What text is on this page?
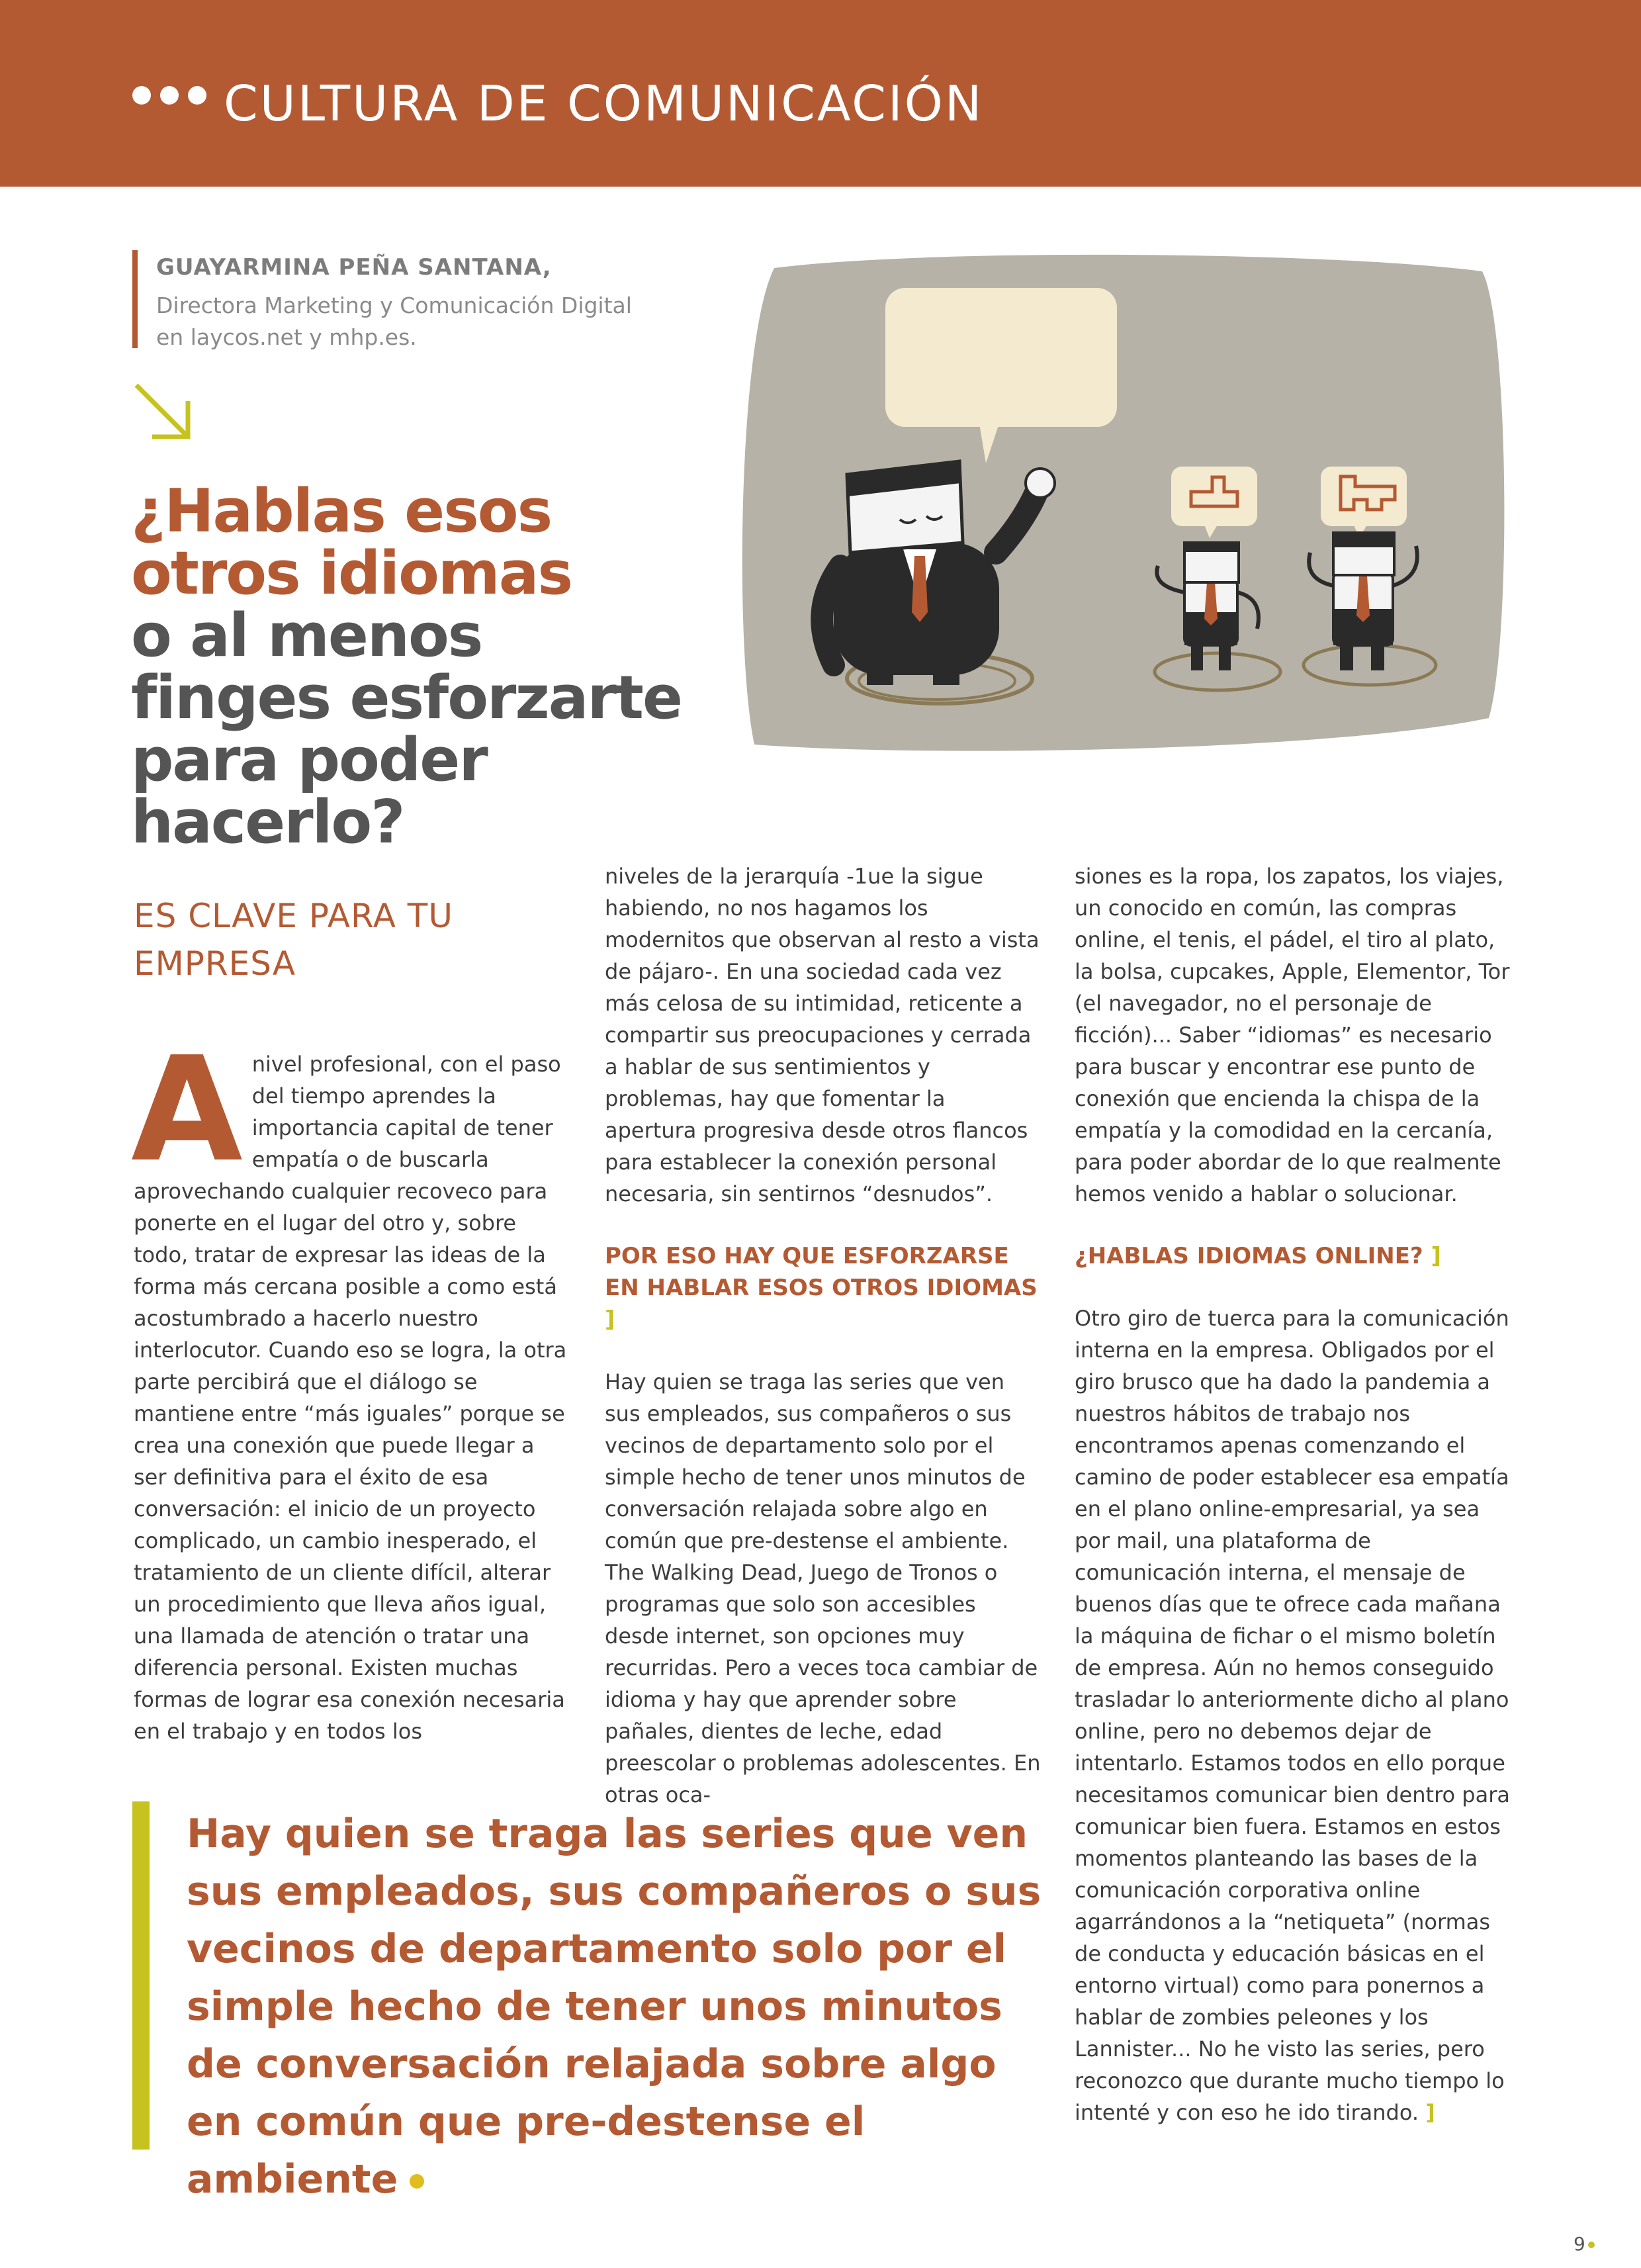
CULTURA DE COMUNICACIÓN
GUAYARMINA PEÑA SANTANA,
Directora Marketing y Comunicación Digital
en laycos.net y mhp.es.
¿Hablas esos
otros idiomas
o al menos
finges esforzarte
para poder
hacerlo?
ES CLAVE PARA TU EMPRESA

Anivel profesional, con el paso del tiempo aprendes la importancia capital de tener empatía o de buscarla aprovechando cualquier recoveco para ponerte en el lugar del otro y, sobre todo, tratar de expresar las ideas de la forma más cercana posible a como está acostumbrado a hacerlo nuestro interlocutor. Cuando eso se logra, la otra parte percibirá que el diálogo se mantiene entre “más iguales” porque se crea una conexión que puede llegar a ser definitiva para el éxito de esa conversación: el inicio de un proyecto complicado, un cambio inesperado, el tratamiento de un cliente difícil, alterar un procedimiento que lleva años igual, una llamada de atención o tratar una diferencia personal. Existen muchas formas de lograr esa conexión necesaria en el trabajo y en todos los

niveles de la jerarquía -1ue la sigue habiendo, no nos hagamos los modernitos que observan al resto a vista de pájaro-. En una sociedad cada vez más celosa de su intimidad, reticente a compartir sus preocupaciones y cerrada a hablar de sus sentimientos y problemas, hay que fomentar la apertura progresiva desde otros flancos para establecer la conexión personal necesaria, sin sentirnos “desnudos”.

POR ESO HAY QUE ESFORZARSE EN HABLAR ESOS OTROS IDIOMAS ]

Hay quien se traga las series que ven sus empleados, sus compañeros o sus vecinos de departamento solo por el simple hecho de tener unos minutos de conversación relajada sobre algo en común que pre-destense el ambiente. The Walking Dead, Juego de Tronos o programas que solo son accesibles desde internet, son opciones muy recurridas. Pero a veces toca cambiar de idioma y hay que aprender sobre pañales, dientes de leche, edad preescolar o problemas adolescentes. En otras oca-

siones es la ropa, los zapatos, los viajes, un conocido en común, las compras online, el tenis, el pádel, el tiro al plato, la bolsa, cupcakes, Apple, Elementor, Tor (el navegador, no el personaje de ficción)... Saber “idiomas” es necesario para buscar y encontrar ese punto de conexión que encienda la chispa de la empatía y la comodidad en la cercanía, para poder abordar de lo que realmente hemos venido a hablar o solucionar.

¿HABLAS IDIOMAS ONLINE? ]

Otro giro de tuerca para la comunicación interna en la empresa. Obligados por el giro brusco que ha dado la pandemia a nuestros hábitos de trabajo nos encontramos apenas comenzando el camino de poder establecer esa empatía en el plano online-empresarial, ya sea por mail, una plataforma de comunicación interna, el mensaje de buenos días que te ofrece cada mañana la máquina de fichar o el mismo boletín de empresa. Aún no hemos conseguido trasladar lo anteriormente dicho al plano online, pero no debemos dejar de intentarlo. Estamos todos en ello porque necesitamos comunicar bien dentro para comunicar bien fuera. Estamos en estos momentos planteando las bases de la comunicación corporativa online agarrándonos a la “netiqueta” (normas de conducta y educación básicas en el entorno virtual) como para ponernos a hablar de zombies peleones y los Lannister... No he visto las series, pero reconozco que durante mucho tiempo lo intenté y con eso he ido tirando. ]

Hay quien se traga las series que ven sus empleados, sus compañeros o sus vecinos de departamento solo por el simple hecho de tener unos minutos de conversación relajada sobre algo en común que pre-destense el ambiente
9
